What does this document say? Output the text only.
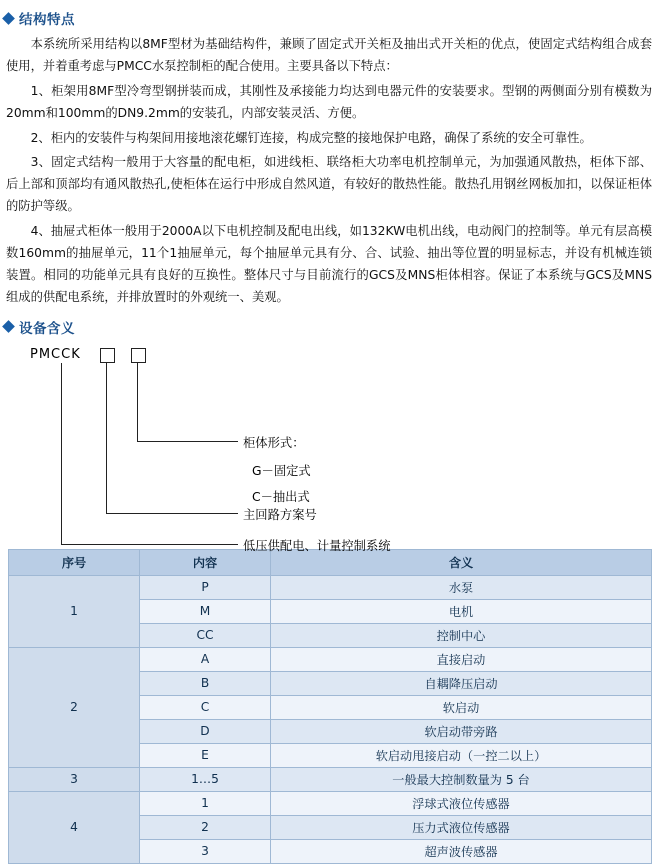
结构特点

本系统所采用结构以8MF型材为基础结构件，兼顾了固定式开关柜及抽出式开关柜的优点，使固定式结构组合成套使用，并着重考虑与PMCC水泵控制柜的配合使用。主要具备以下特点：

1、柜架用8MF型冷弯型钢拼装而成，其刚性及承接能力均达到电器元件的安装要求。型钢的两侧面分别有模数为20mm和100mm的DN9.2mm的安装孔，内部安装灵活、方便。

2、柜内的安装件与构架间用接地滚花螺钉连接，构成完整的接地保护电路，确保了系统的安全可靠性。

3、固定式结构一般用于大容量的配电柜，如进线柜、联络柜大功率电机控制单元，为加强通风散热，柜体下部、后上部和顶部均有通风散热孔,使柜体在运行中形成自然风道，有较好的散热性能。散热孔用钢丝网板加扣，以保证柜体的防护等级。

4、抽屉式柜体一般用于2000A以下电机控制及配电出线，如132KW电机出线，电动阀门的控制等。单元有层高模数160mm的抽屉单元，11个1抽屉单元，每个抽屉单元具有分、合、试验、抽出等位置的明显标志，并设有机械连锁装置。相同的功能单元具有良好的互换性。整体尺寸与目前流行的GCS及MNS柜体相容。保证了本系统与GCS及MNS组成的供配电系统，并排放置时的外观统一、美观。

设备含义
PMCCK
柜体形式：
G－固定式
C－抽出式
主回路方案号
低压供配电、计量控制系统
序号	内容	含义
1	P	水泵
	M	电机
	CC	控制中心
2	A	直接启动
	B	自耦降压启动
	C	软启动
	D	软启动带旁路
	E	软启动甩接启动（一控二以上）
3	1…5	一般最大控制数量为 5 台
4	1	浮球式液位传感器
	2	压力式液位传感器
	3	超声波传感器
